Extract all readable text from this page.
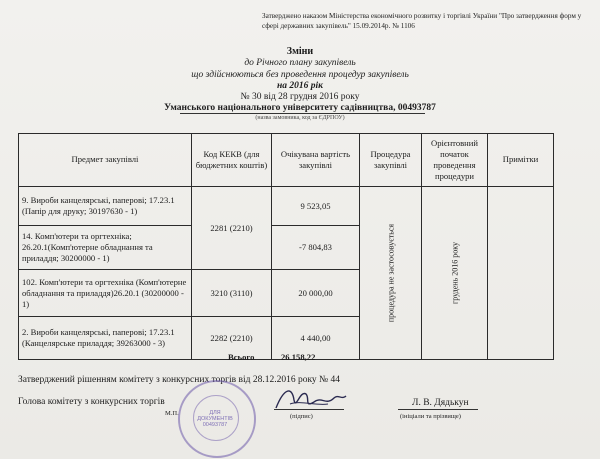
Затверджено наказом Міністерства економічного розвитку і торгівлі України "Про затвердження форм у сфері державних закупівель" 15.09.2014р. № 1106
Зміни
до Річного плану закупівель
що здійснюються без проведення процедур закупівель
на 2016 рік
№ 30 від 28 грудня 2016 року
Уманського національного університету садівництва, 00493787
(назва замовника, код за ЄДРПОУ)
Предмет закупівлі	Код КЕКВ (для бюджетних коштів)	Очікувана вартість закупівлі	Процедура закупівлі	Орієнтовний початок проведення процедури	Примітки
9. Вироби канцелярські, паперові; 17.23.1 (Папір для друку; 30197630 - 1)	2281 (2210)	9 523,05	процедура не застосовується	грудень 2016 року	

14. Комп'ютери та оргтехніка; 26.20.1(Комп'ютерне обладнання та приладдя; 30200000 - 1)		-7 804,83			
102. Комп'ютери та оргтехніка (Комп'ютерне обладнання та приладдя)26.20.1 (30200000 - 1)	3210 (3110)	20 000,00			
2. Вироби канцелярські, паперові; 17.23.1 (Канцелярське приладдя; 39263000 - 3)	2282 (2210)	4 440,00			
Всього	26 158,22
Затверджений рішенням комітету з конкурсних торгів від 28.12.2016 року № 44
Голова комітету з конкурсних торгів
М.П.	ДЛЯ ДОКУМЕНТІВ 00493787
(підпис)
Л. В. Дядькун
(ініціали та прізвище)
